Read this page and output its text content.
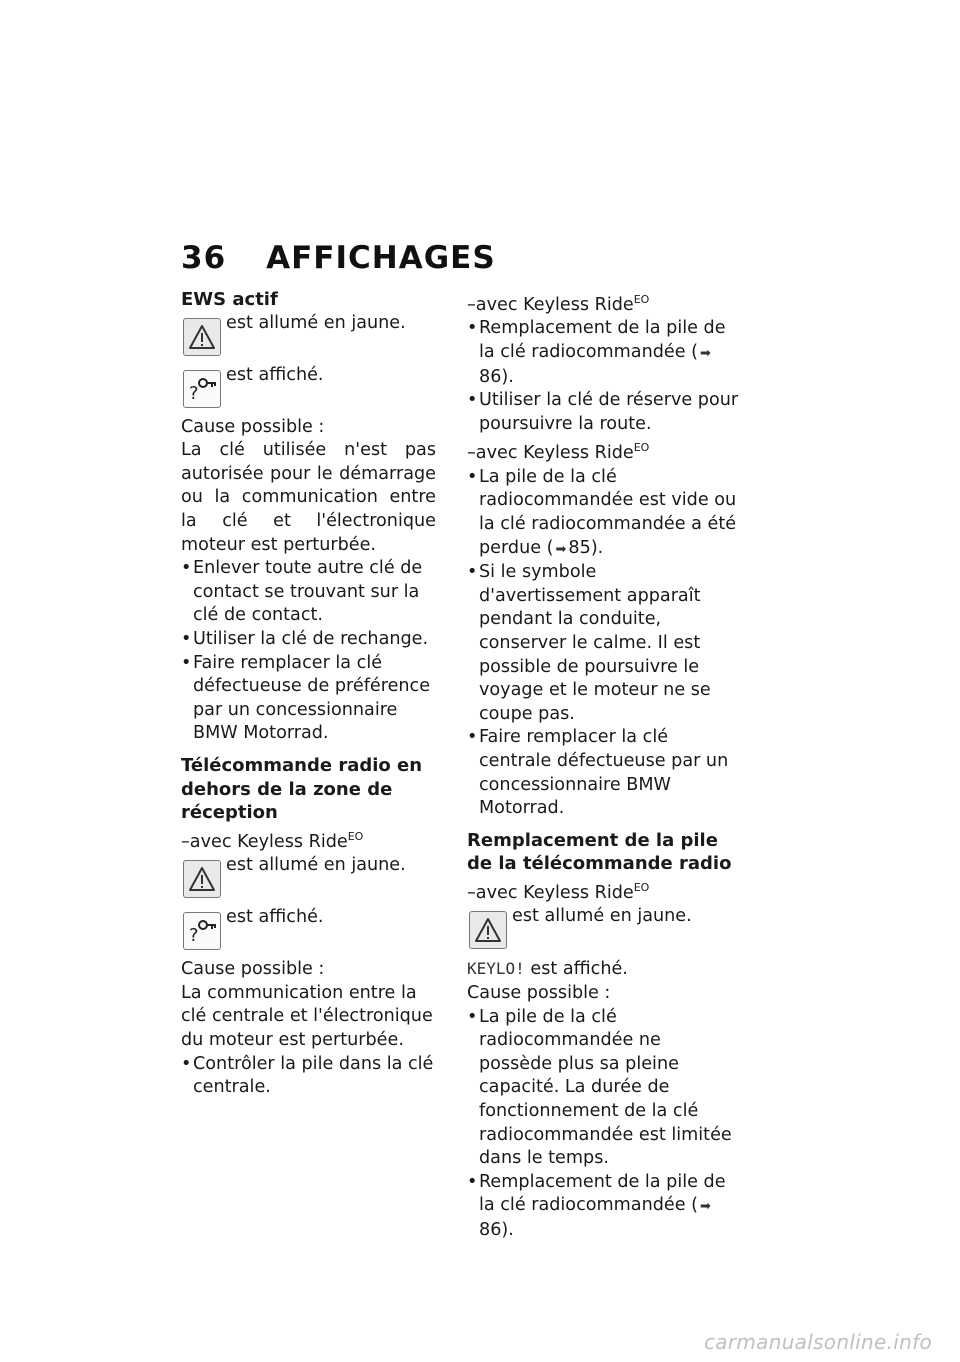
36 AFFICHAGES

EWS actif

est allumé en jaune.

?

est affiché.

Cause possible :

La clé utilisée n'est pas autorisée pour le démarrage ou la communication entre la clé et l'électronique moteur est perturbée.

• Enlever toute autre clé de contact se trouvant sur la clé de contact.
• Utiliser la clé de rechange.
• Faire remplacer la clé défectueuse de préférence par un concessionnaire BMW Motorrad.

Télécommande radio en dehors de la zone de réception

–avec Keyless Ride$^{EO}$

est allumé en jaune.

?

est affiché.

Cause possible :

La communication entre la clé centrale et l'électronique du moteur est perturbée.

• Contrôler la pile dans la clé centrale.

–avec Keyless Ride$^{EO}$

• Remplacement de la pile de la clé radiocommandée ( ➡86).
• Utiliser la clé de réserve pour poursuivre la route.

–avec Keyless Ride$^{EO}$

• La pile de la clé radiocommandée est vide ou la clé radiocommandée a été perdue ( ➡ 85).
• Si le symbole d'avertissement apparaît pendant la conduite, conserver le calme. Il est possible de poursuivre le voyage et le moteur ne se coupe pas.
• Faire remplacer la clé centrale défectueuse par un concessionnaire BMW Motorrad.

Remplacement de la pile de la télécommande radio

–avec Keyless Ride$^{EO}$

est allumé en jaune.

KEYLO! est affiché.

Cause possible :

• La pile de la clé radiocommandée ne possède plus sa pleine capacité. La durée de fonctionnement de la clé radiocommandée est limitée dans le temps.
• Remplacement de la pile de la clé radiocommandée ( ➡86).
carmanualsonline.info
